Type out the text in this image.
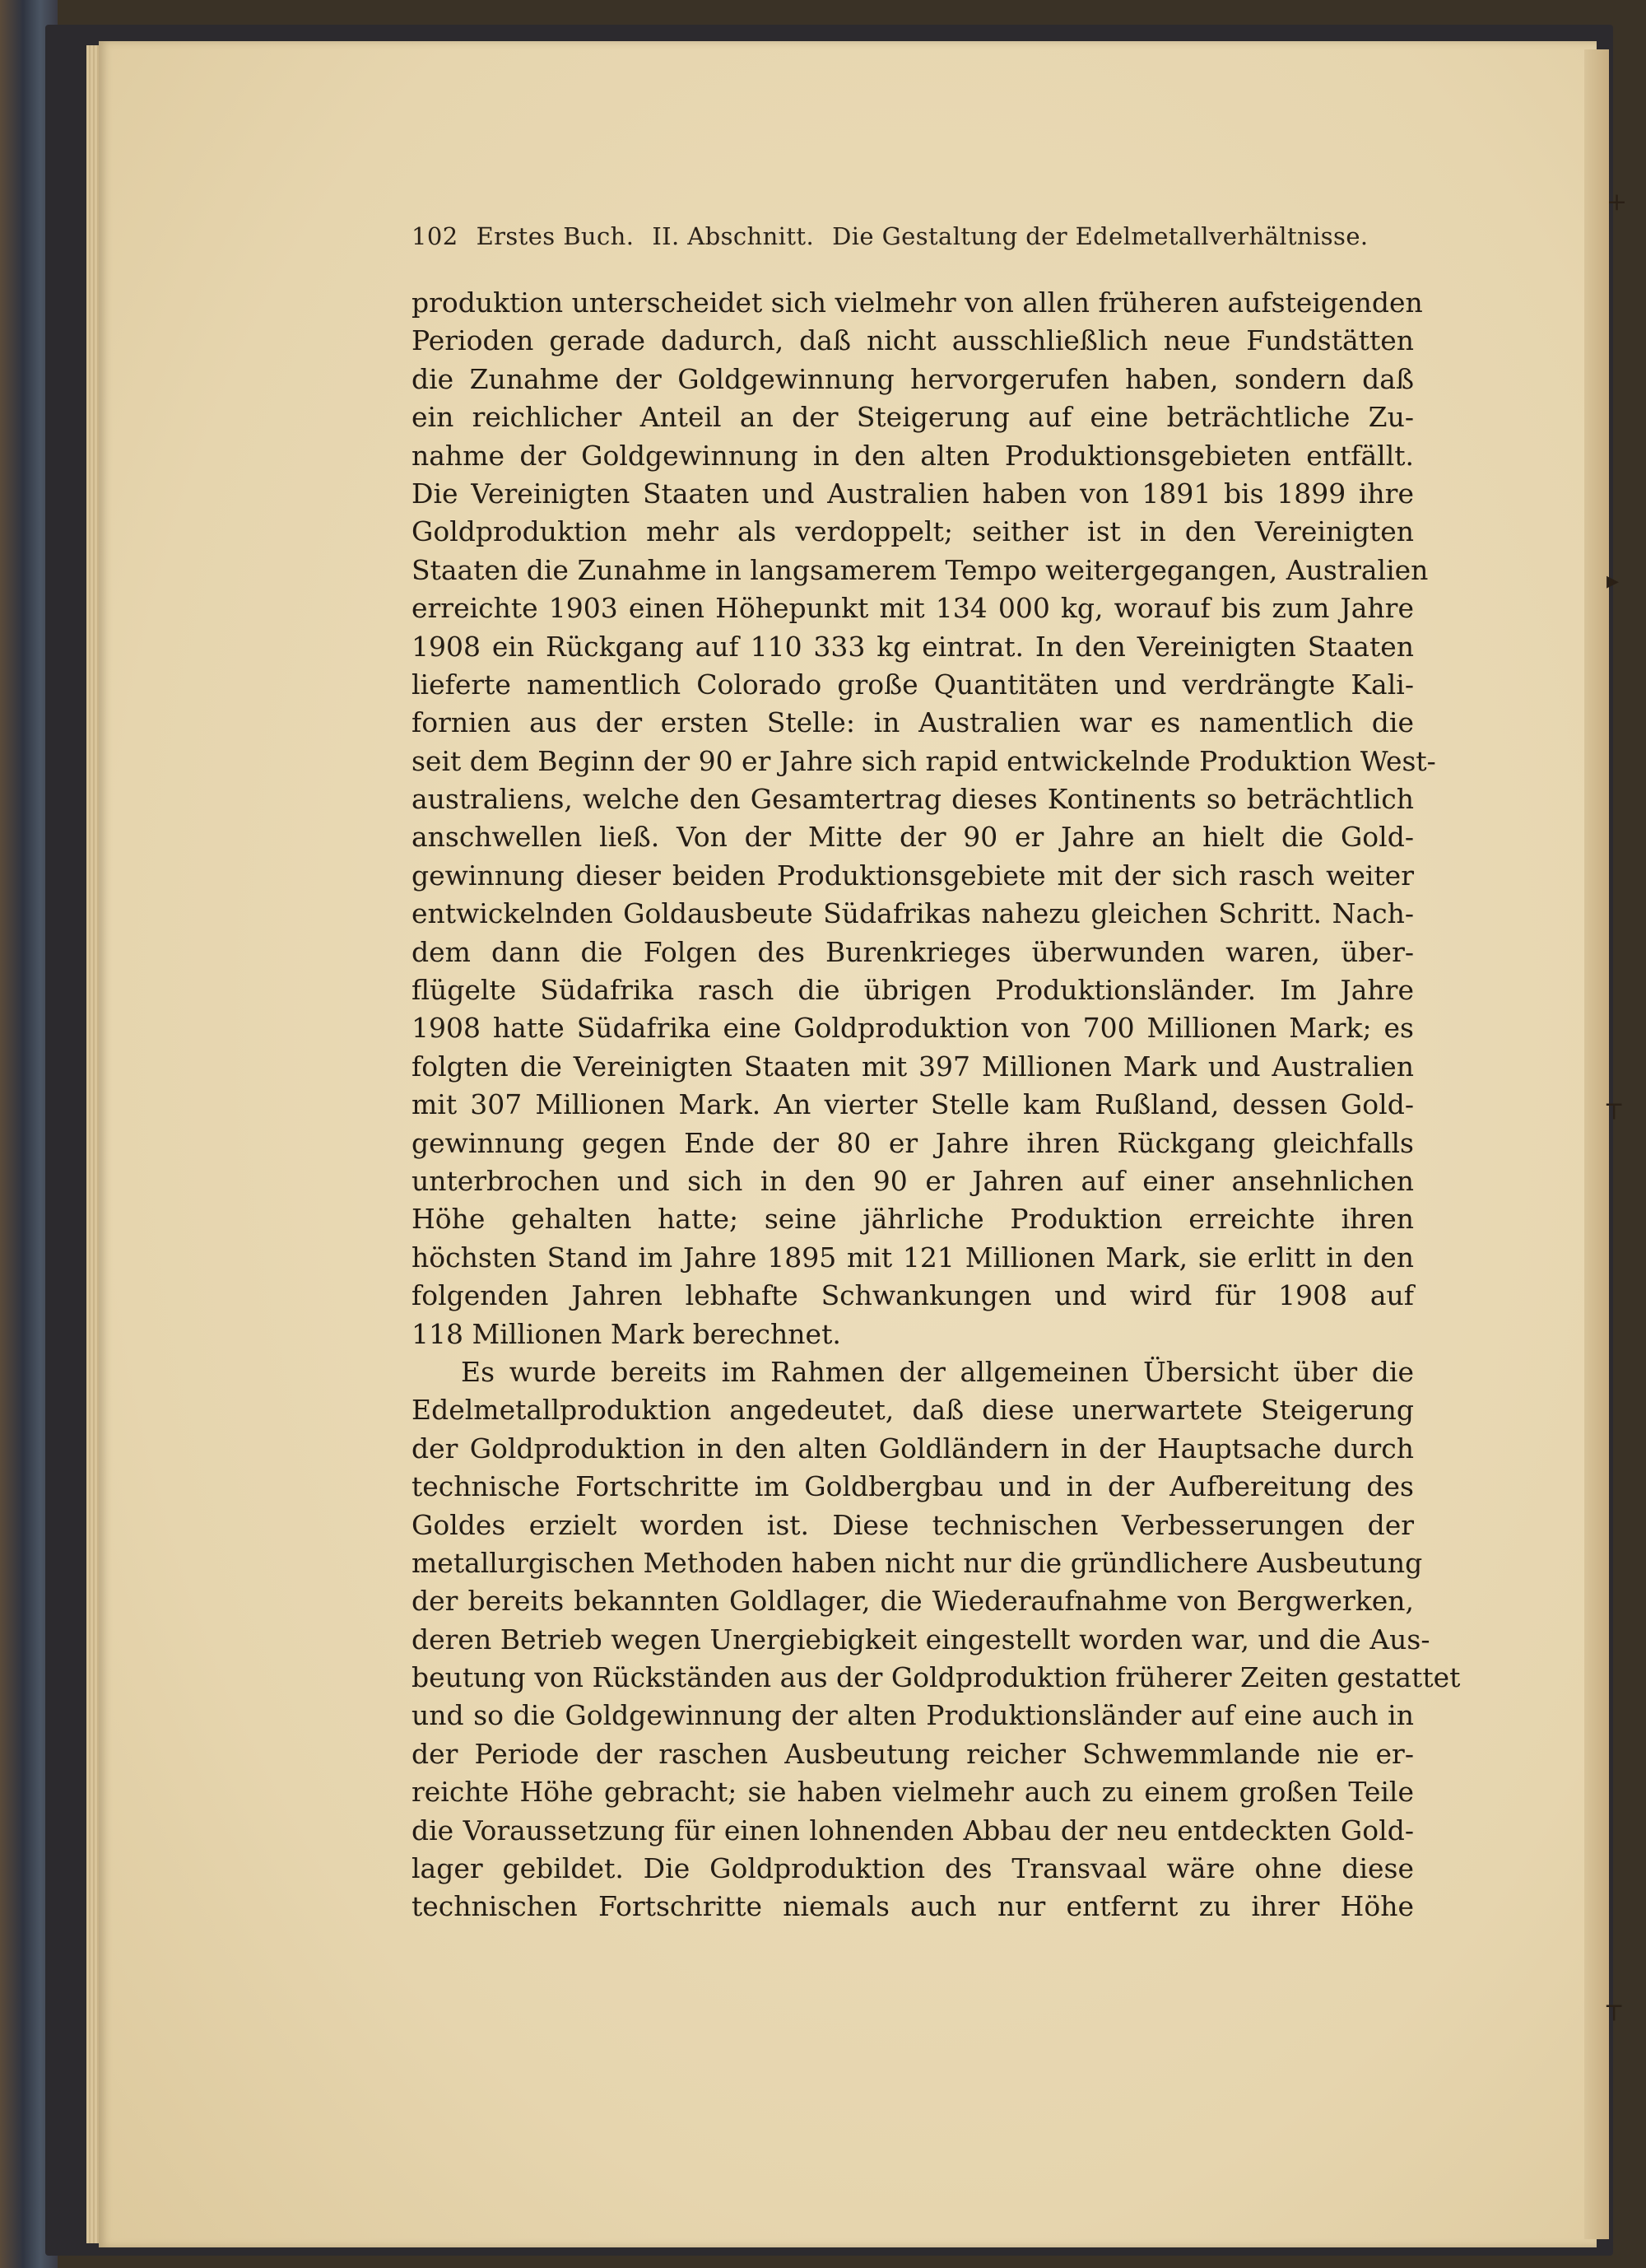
102 Erstes Buch. II. Abschnitt. Die Gestaltung der Edelmetallverhältnisse.
produktion unterscheidet sich vielmehr von allen früheren aufsteigenden
Perioden gerade dadurch, daß nicht ausschließlich neue Fundstätten
die Zunahme der Goldgewinnung hervorgerufen haben, sondern daß
ein reichlicher Anteil an der Steigerung auf eine beträchtliche Zu-
nahme der Goldgewinnung in den alten Produktionsgebieten entfällt.
Die Vereinigten Staaten und Australien haben von 1891 bis 1899 ihre
Goldproduktion mehr als verdoppelt; seither ist in den Vereinigten
Staaten die Zunahme in langsamerem Tempo weitergegangen, Australien
erreichte 1903 einen Höhepunkt mit 134 000 kg, worauf bis zum Jahre
1908 ein Rückgang auf 110 333 kg eintrat. In den Vereinigten Staaten
lieferte namentlich Colorado große Quantitäten und verdrängte Kali-
fornien aus der ersten Stelle: in Australien war es namentlich die
seit dem Beginn der 90 er Jahre sich rapid entwickelnde Produktion West-
australiens, welche den Gesamtertrag dieses Kontinents so beträchtlich
anschwellen ließ. Von der Mitte der 90 er Jahre an hielt die Gold-
gewinnung dieser beiden Produktionsgebiete mit der sich rasch weiter
entwickelnden Goldausbeute Südafrikas nahezu gleichen Schritt. Nach-
dem dann die Folgen des Burenkrieges überwunden waren, über-
flügelte Südafrika rasch die übrigen Produktionsländer. Im Jahre
1908 hatte Südafrika eine Goldproduktion von 700 Millionen Mark; es
folgten die Vereinigten Staaten mit 397 Millionen Mark und Australien
mit 307 Millionen Mark. An vierter Stelle kam Rußland, dessen Gold-
gewinnung gegen Ende der 80 er Jahre ihren Rückgang gleichfalls
unterbrochen und sich in den 90 er Jahren auf einer ansehnlichen
Höhe gehalten hatte; seine jährliche Produktion erreichte ihren
höchsten Stand im Jahre 1895 mit 121 Millionen Mark, sie erlitt in den
folgenden Jahren lebhafte Schwankungen und wird für 1908 auf
118 Millionen Mark berechnet.
Es wurde bereits im Rahmen der allgemeinen Übersicht über die
Edelmetallproduktion angedeutet, daß diese unerwartete Steigerung
der Goldproduktion in den alten Goldländern in der Hauptsache durch
technische Fortschritte im Goldbergbau und in der Aufbereitung des
Goldes erzielt worden ist. Diese technischen Verbesserungen der
metallurgischen Methoden haben nicht nur die gründlichere Ausbeutung
der bereits bekannten Goldlager, die Wiederaufnahme von Bergwerken,
deren Betrieb wegen Unergiebigkeit eingestellt worden war, und die Aus-
beutung von Rückständen aus der Goldproduktion früherer Zeiten gestattet
und so die Goldgewinnung der alten Produktionsländer auf eine auch in
der Periode der raschen Ausbeutung reicher Schwemmlande nie er-
reichte Höhe gebracht; sie haben vielmehr auch zu einem großen Teile
die Voraussetzung für einen lohnenden Abbau der neu entdeckten Gold-
lager gebildet. Die Goldproduktion des Transvaal wäre ohne diese
technischen Fortschritte niemals auch nur entfernt zu ihrer Höhe
+
▸
┬
┬
